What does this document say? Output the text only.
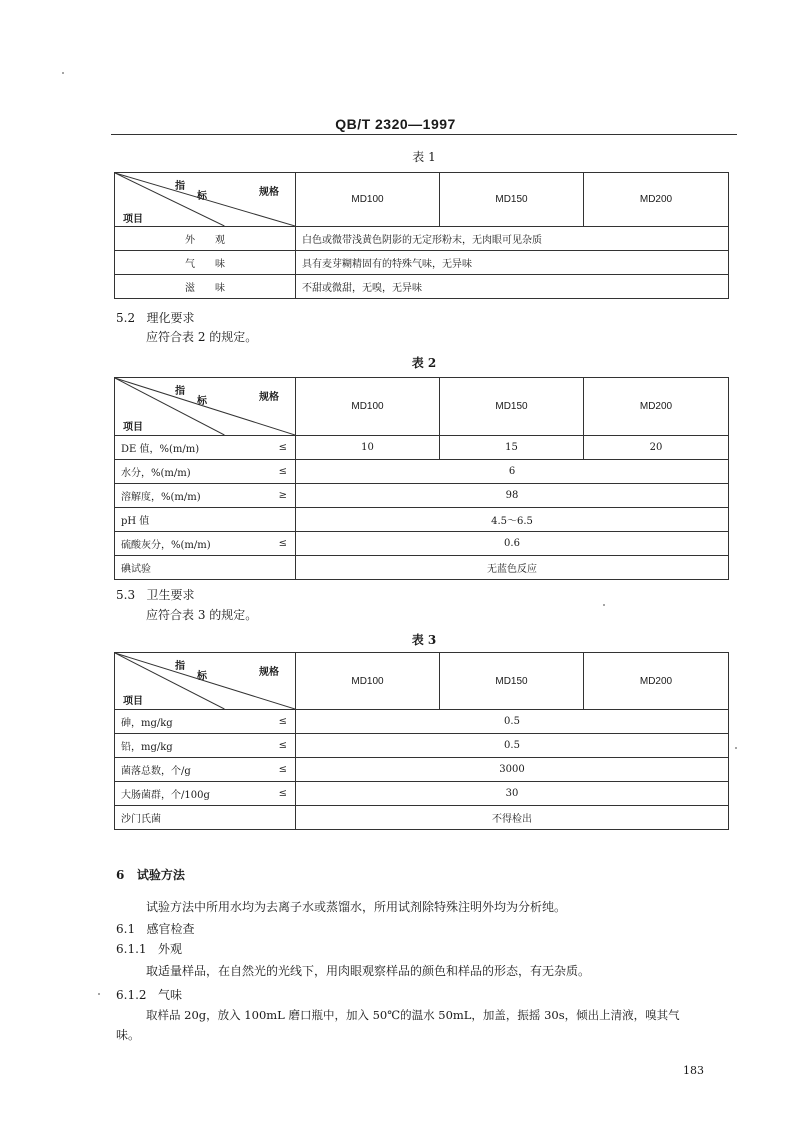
QB/T 2320—1997
表 1
指
标 规格
项目	MD100	MD150	MD200
外　　观	白色或微带浅黄色阴影的无定形粉末，无肉眼可见杂质		
气　　味	具有麦芽糊精固有的特殊气味，无异味		
滋　　味	不甜或微甜，无嗅，无异味		
5.2 理化要求
应符合表 2 的规定。
表 2
指
标 规格
项目		MD100	MD150	MD200
DE 值，%(m/m)	≤	10	15	20
水分，%(m/m)	≤	6		
溶解度，%(m/m)	≥	98		
pH 值		4.5～6.5		
硫酸灰分，%(m/m)	≤	0.6		
碘试验		无蓝色反应		
5.3 卫生要求
应符合表 3 的规定。
表 3
指
标 规格
项目		MD100	MD150	MD200
砷，mg/kg	≤	0.5		
铅，mg/kg	≤	0.5		
菌落总数，个/g	≤	3000		
大肠菌群，个/100g	≤	30		
沙门氏菌		不得检出		
6 试验方法
试验方法中所用水均为去离子水或蒸馏水，所用试剂除特殊注明外均为分析纯。
6.1 感官检查
6.1.1 外观
取适量样品，在自然光的光线下，用肉眼观察样品的颜色和样品的形态，有无杂质。
6.1.2 气味
取样品 20g，放入 100mL 磨口瓶中，加入 50℃的温水 50mL，加盖，振摇 30s，倾出上清液，嗅其气
味。
183
